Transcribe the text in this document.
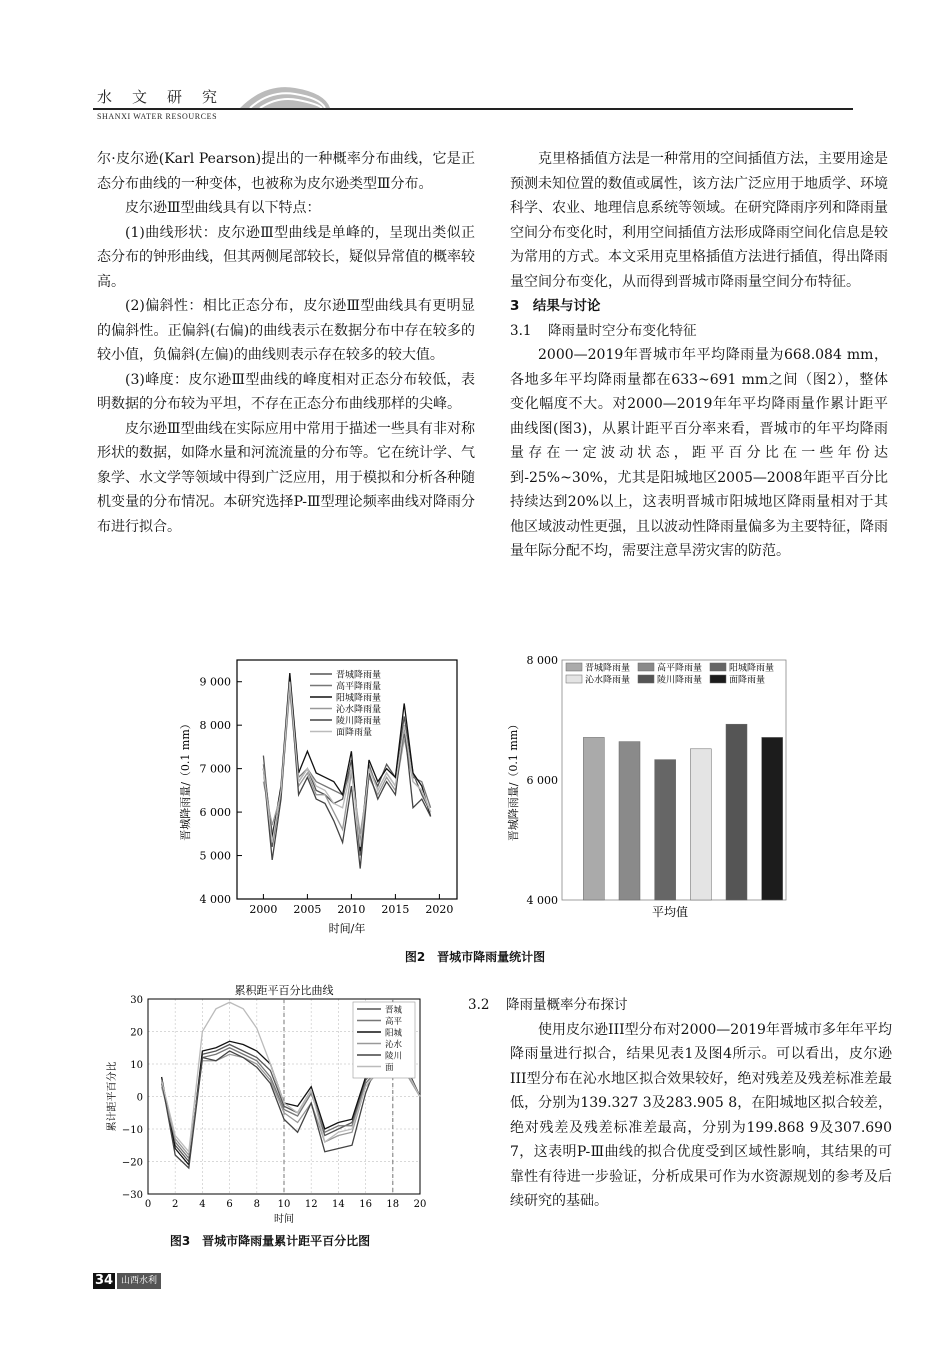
水文研究
SHANXI WATER RESOURCES

尔·皮尔逊(Karl Pearson)提出的一种概率分布曲线，它是正态分布曲线的一种变体，也被称为皮尔逊类型Ⅲ分布。

皮尔逊Ⅲ型曲线具有以下特点：

(1)曲线形状：皮尔逊Ⅲ型曲线是单峰的，呈现出类似正态分布的钟形曲线，但其两侧尾部较长，疑似异常值的概率较高。

(2)偏斜性：相比正态分布，皮尔逊Ⅲ型曲线具有更明显的偏斜性。正偏斜(右偏)的曲线表示在数据分布中存在较多的较小值，负偏斜(左偏)的曲线则表示存在较多的较大值。

(3)峰度：皮尔逊Ⅲ型曲线的峰度相对正态分布较低，表明数据的分布较为平坦，不存在正态分布曲线那样的尖峰。

皮尔逊Ⅲ型曲线在实际应用中常用于描述一些具有非对称形状的数据，如降水量和河流流量的分布等。它在统计学、气象学、水文学等领域中得到广泛应用，用于模拟和分析各种随机变量的分布情况。本研究选择P-Ⅲ型理论频率曲线对降雨分布进行拟合。

克里格插值方法是一种常用的空间插值方法，主要用途是预测未知位置的数值或属性，该方法广泛应用于地质学、环境科学、农业、地理信息系统等领域。在研究降雨序列和降雨量空间分布变化时，利用空间插值方法形成降雨空间化信息是较为常用的方式。本文采用克里格插值方法进行插值，得出降雨量空间分布变化，从而得到晋城市降雨量空间分布特征。

3　结果与讨论

3.1 降雨量时空分布变化特征

2000—2019年晋城市年平均降雨量为668.084 mm，各地多年平均降雨量都在633~691 mm之间（图2），整体变化幅度不大。对2000—2019年年平均降雨量作累计距平曲线图(图3)，从累计距平百分率来看，晋城市的年平均降雨量存在一定波动状态，距平百分比在一些年份达到-25%~30%，尤其是阳城地区2005—2008年距平百分比持续达到20%以上，这表明晋城市阳城地区降雨量相对于其他区域波动性更强，且以波动性降雨量偏多为主要特征，降雨量年际分配不均，需要注意旱涝灾害的防范。

4 000
5 000
6 000
7 000
8 000
9 000
2000 2005 2010 2015 2020
时间/年
晋城降雨量/（0.1 mm）
晋城降雨量
高平降雨量
阳城降雨量
沁水降雨量
陵川降雨量
面降雨量
4 000
6 000
8 000
晋城降雨量/（0.1 mm）
平均值
晋城降雨量	高平降雨量	阳城降雨量
沁水降雨量	陵川降雨量	面降雨量
图2　晋城市降雨量统计图
−30
−20
−10
0
10
20
30
0 2 4 6 8 10 12 14 16 18 20
累积距平百分比曲线
时间
累计距平百分比
晋城
高平
阳城
沁水
陵川
面
图3　晋城市降雨量累计距平百分比图

3.2 降雨量概率分布探讨

使用皮尔逊III型分布对2000—2019年晋城市多年年平均降雨量进行拟合，结果见表1及图4所示。可以看出，皮尔逊III型分布在沁水地区拟合效果较好，绝对残差及残差标准差最低，分别为139.327 3及283.905 8，在阳城地区拟合较差，绝对残差及残差标准差最高，分别为199.868 9及307.690 7，这表明P-Ⅲ曲线的拟合优度受到区域性影响，其结果的可靠性有待进一步验证，分析成果可作为水资源规划的参考及后续研究的基础。

34 山西水利
